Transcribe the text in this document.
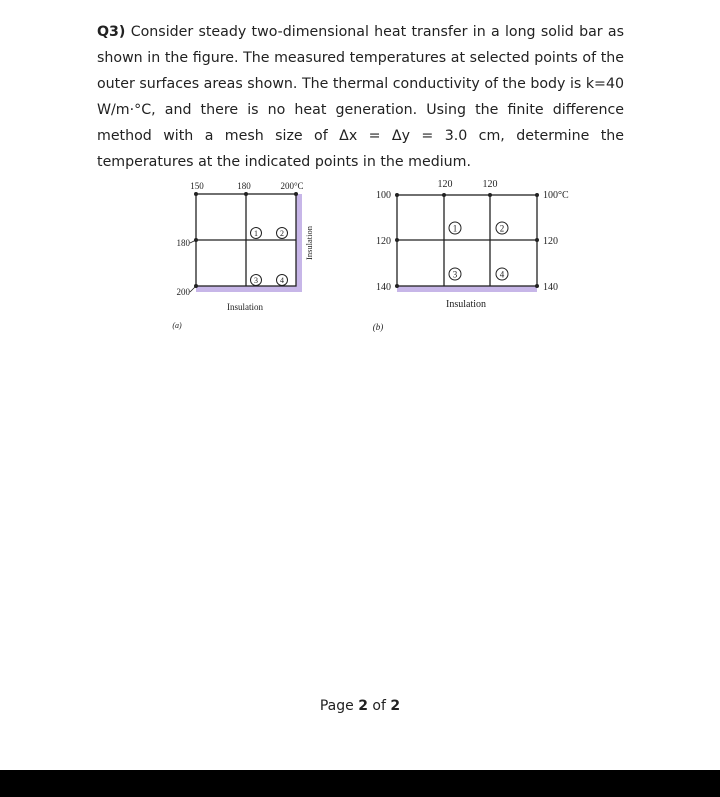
Q3) Consider steady two-dimensional heat transfer in a long solid bar as shown in the figure. The measured temperatures at selected points of the outer surfaces areas shown. The thermal conductivity of the body is k=40 W/m·°C, and there is no heat generation. Using the finite difference method with a mesh size of Δx = Δy = 3.0 cm, determine the temperatures at the indicated points in the medium.

150	180	200°C
180
200
1	2
3	4
Insulation
Insulation
(a)
120	120
100
120
140
100°C
120
140
1	2
3	4
Insulation
(b)
Page 2 of 2
